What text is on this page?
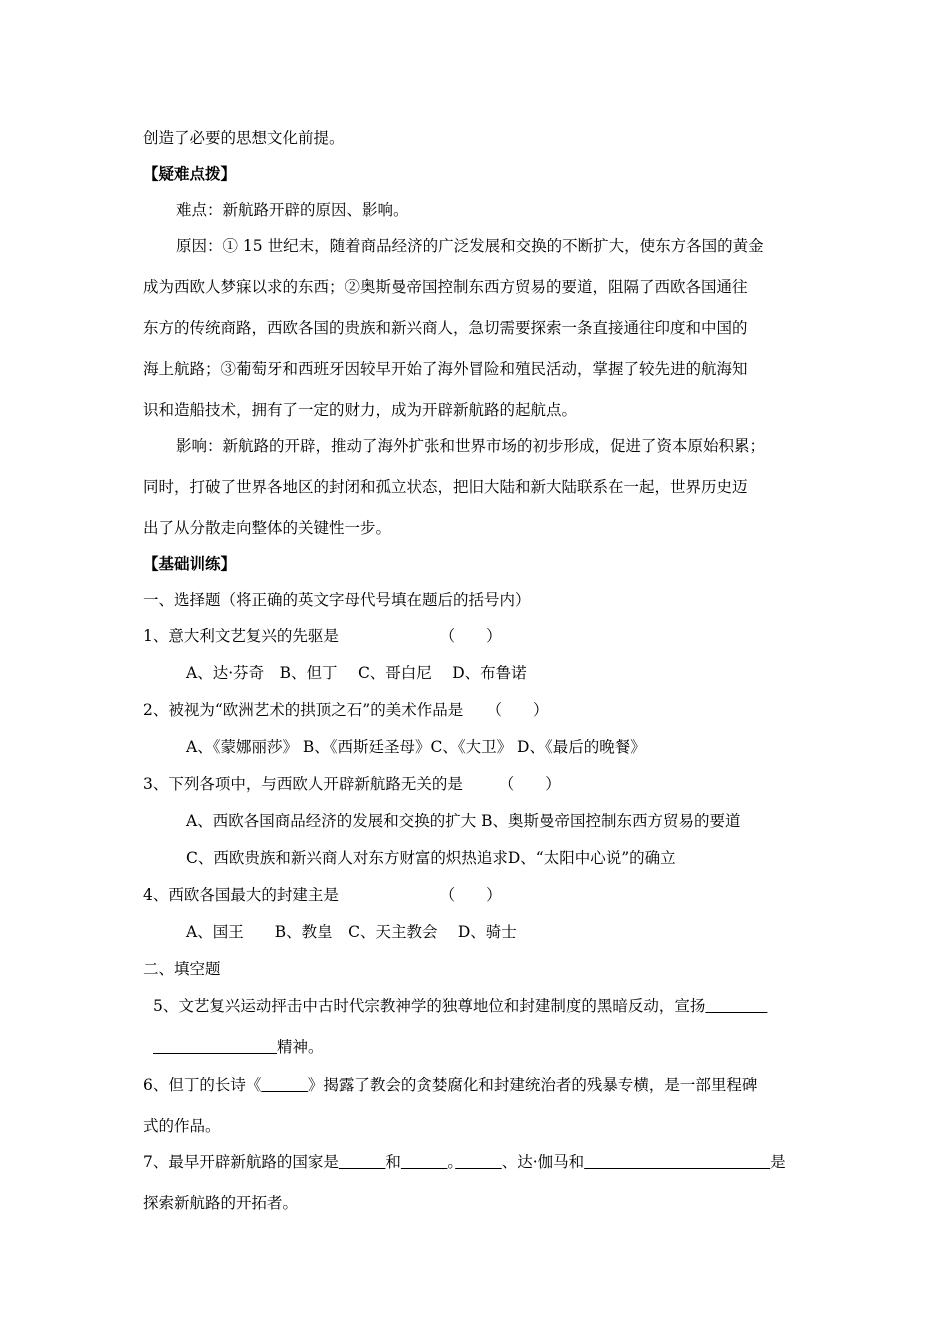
创造了必要的思想文化前提。
【疑难点拨】
难点：新航路开辟的原因、影响。
原因：① 15 世纪末，随着商品经济的广泛发展和交换的不断扩大，使东方各国的黄金
成为西欧人梦寐以求的东西；②奥斯曼帝国控制东西方贸易的要道，阻隔了西欧各国通往
东方的传统商路，西欧各国的贵族和新兴商人，急切需要探索一条直接通往印度和中国的
海上航路；③葡萄牙和西班牙因较早开始了海外冒险和殖民活动，掌握了较先进的航海知
识和造船技术，拥有了一定的财力，成为开辟新航路的起航点。
影响：新航路的开辟，推动了海外扩张和世界市场的初步形成，促进了资本原始积累；
同时，打破了世界各地区的封闭和孤立状态，把旧大陆和新大陆联系在一起，世界历史迈
出了从分散走向整体的关键性一步。
【基础训练】
一、选择题（将正确的英文字母代号填在题后的括号内）
1、意大利文艺复兴的先驱是　　　　　　　（　　）
A、达·芬奇　B、但丁　 C、哥白尼　 D、布鲁诺
2、被视为“欧洲艺术的拱顶之石”的美术作品是　　（　　）
A、《蒙娜丽莎》 B、《西斯廷圣母》C、《大卫》 D、《最后的晚餐》
3、下列各项中，与西欧人开辟新航路无关的是　　 （　　）
A、西欧各国商品经济的发展和交换的扩大 B、奥斯曼帝国控制东西方贸易的要道
C、西欧贵族和新兴商人对东方财富的炽热追求D、“太阳中心说”的确立
4、西欧各国最大的封建主是　　　　　　　（　　）
A、国王　　B、教皇　C、天主教会　 D、骑士
二、填空题
5、文艺复兴运动抨击中古时代宗教神学的独尊地位和封建制度的黑暗反动，宣扬　　　　
　　　　　　　　精神。
6、但丁的长诗《　　　	》揭露了教会的贪婪腐化和封建统治者的残暴专横，是一部里程碑
式的作品。
7、最早开辟新航路的国家是　　　	和　　　	。　　　	、达·伽马和　　　　　　　　　　　　	是
探索新航路的开拓者。
